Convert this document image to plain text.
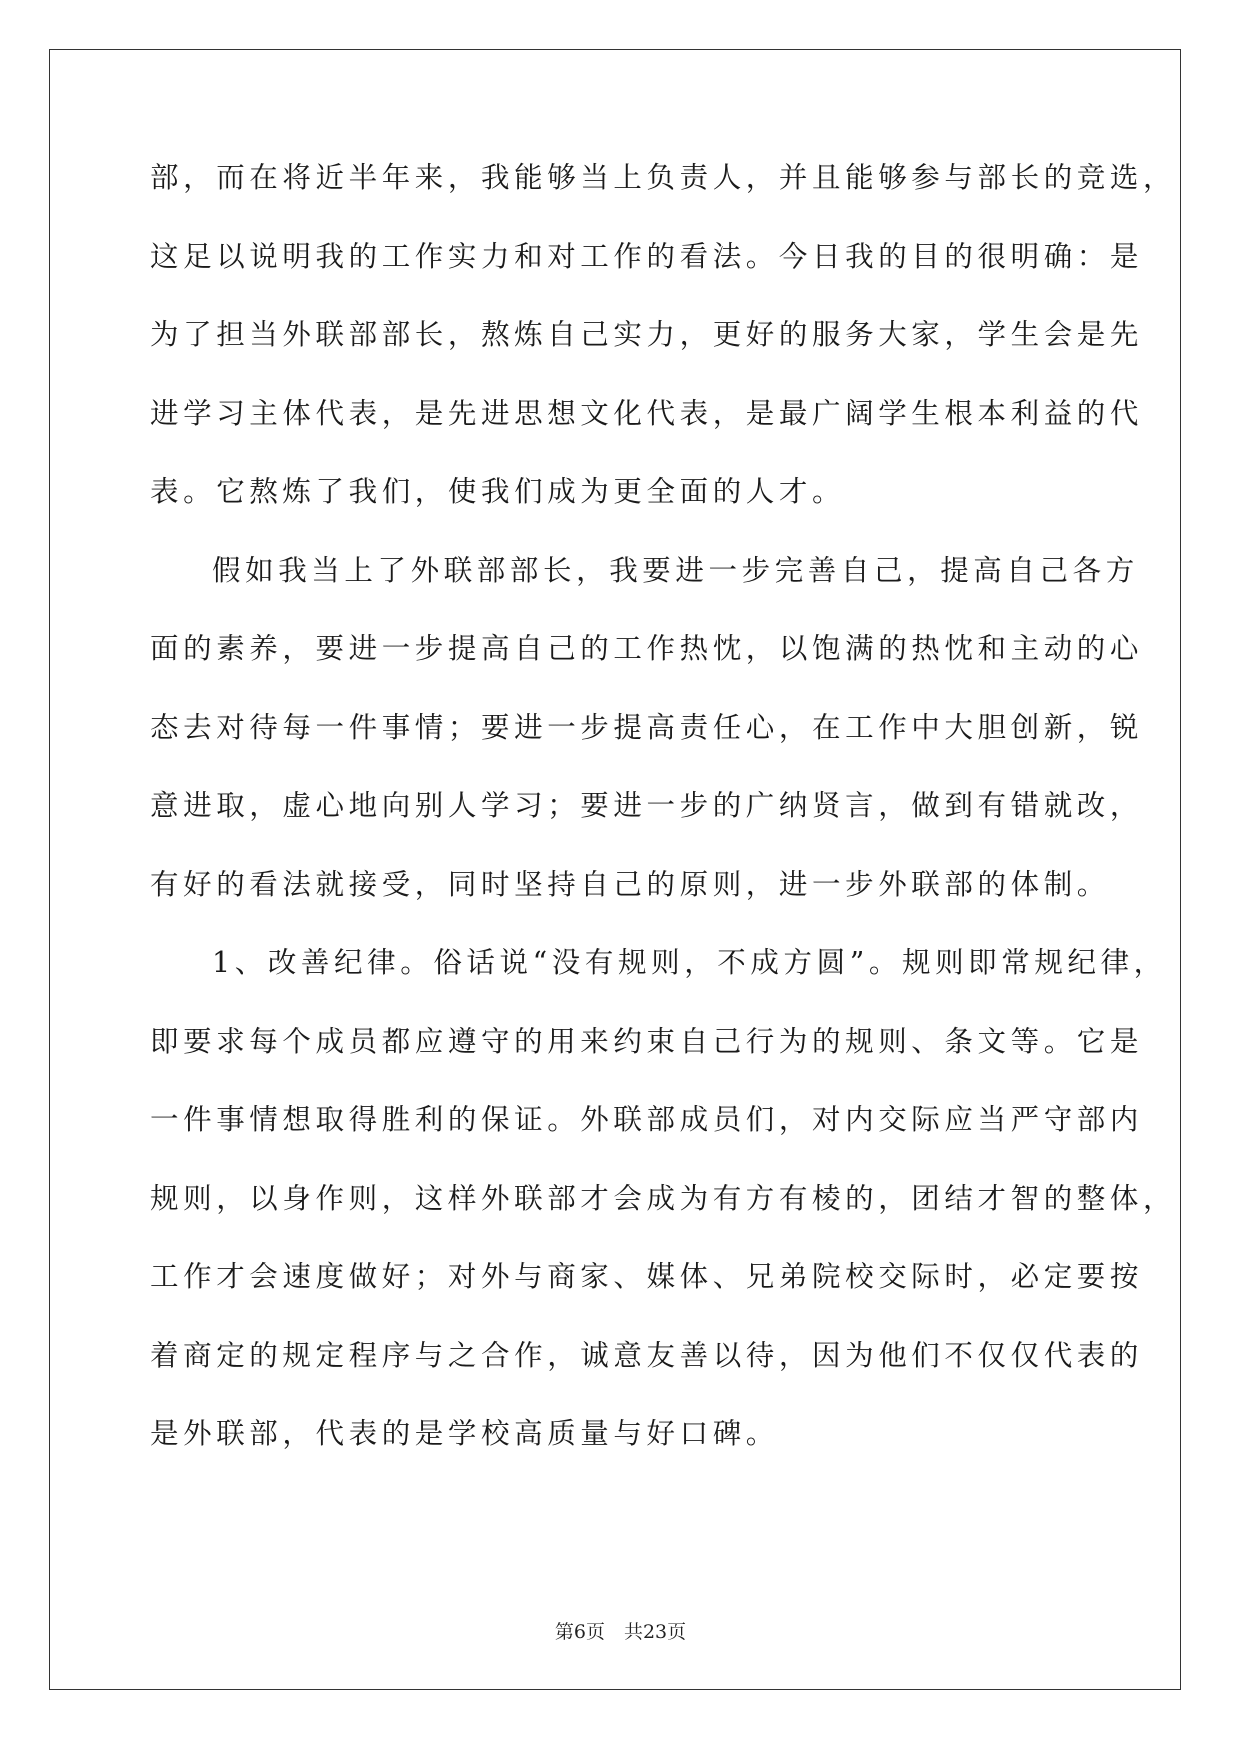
部，而在将近半年来，我能够当上负责人，并且能够参与部长的竞选，
这足以说明我的工作实力和对工作的看法。今日我的目的很明确：是
为了担当外联部部长，熬炼自己实力，更好的服务大家，学生会是先
进学习主体代表，是先进思想文化代表，是最广阔学生根本利益的代
表。它熬炼了我们，使我们成为更全面的人才。
假如我当上了外联部部长，我要进一步完善自己，提高自己各方
面的素养，要进一步提高自己的工作热忱，以饱满的热忱和主动的心
态去对待每一件事情；要进一步提高责任心，在工作中大胆创新，锐
意进取，虚心地向别人学习；要进一步的广纳贤言，做到有错就改，
有好的看法就接受，同时坚持自己的原则，进一步外联部的体制。
1、改善纪律。俗话说“没有规则，不成方圆”。规则即常规纪律，
即要求每个成员都应遵守的用来约束自己行为的规则、条文等。它是
一件事情想取得胜利的保证。外联部成员们，对内交际应当严守部内
规则，以身作则，这样外联部才会成为有方有棱的，团结才智的整体，
工作才会速度做好；对外与商家、媒体、兄弟院校交际时，必定要按
着商定的规定程序与之合作，诚意友善以待，因为他们不仅仅代表的
是外联部，代表的是学校高质量与好口碑。
第6页　共23页
